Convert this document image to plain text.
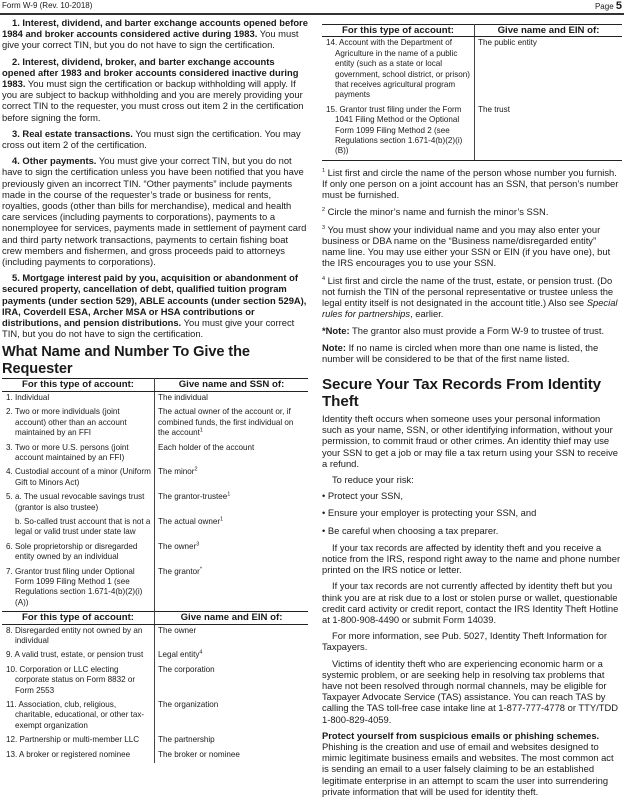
Form W-9 (Rev. 10-2018)	Page 5

1. Interest, dividend, and barter exchange accounts opened before 1984 and broker accounts considered active during 1983. You must give your correct TIN, but you do not have to sign the certification.

2. Interest, dividend, broker, and barter exchange accounts opened after 1983 and broker accounts considered inactive during 1983. You must sign the certification or backup withholding will apply. If you are subject to backup withholding and you are merely providing your correct TIN to the requester, you must cross out item 2 in the certification before signing the form.

3. Real estate transactions. You must sign the certification. You may cross out item 2 of the certification.

4. Other payments. You must give your correct TIN, but you do not have to sign the certification unless you have been notified that you have previously given an incorrect TIN. “Other payments” include payments made in the course of the requester’s trade or business for rents, royalties, goods (other than bills for merchandise), medical and health care services (including payments to corporations), payments to a nonemployee for services, payments made in settlement of payment card and third party network transactions, payments to certain fishing boat crew members and fishermen, and gross proceeds paid to attorneys (including payments to corporations).

5. Mortgage interest paid by you, acquisition or abandonment of secured property, cancellation of debt, qualified tuition program payments (under section 529), ABLE accounts (under section 529A), IRA, Coverdell ESA, Archer MSA or HSA contributions or distributions, and pension distributions. You must give your correct TIN, but you do not have to sign the certification.

What Name and Number To Give the Requester
For this type of account:	Give name and SSN of:

1. Individual	The individual

2. Two or more individuals (joint account) other than an account maintained by an FFI	The actual owner of the account or, if combined funds, the first individual on the account$^1$

3. Two or more U.S. persons (joint account maintained by an FFI)	Each holder of the account

4. Custodial account of a minor (Uniform Gift to Minors Act)	The minor$^2$

5. a. The usual revocable savings trust (grantor is also trustee)	The grantor-trustee$^1$

b. So-called trust account that is not a legal or valid trust under state law	The actual owner$^1$

6. Sole proprietorship or disregarded entity owned by an individual	The owner$^3$

7. Grantor trust filing under Optional Form 1099 Filing Method 1 (see Regulations section 1.671-4(b)(2)(i)(A))	The grantor*
For this type of account:	Give name and EIN of:

8. Disregarded entity not owned by an individual	The owner

9. A valid trust, estate, or pension trust	Legal entity$^4$

10. Corporation or LLC electing corporate status on Form 8832 or Form 2553	The corporation

11. Association, club, religious, charitable, educational, or other tax-exempt organization	The organization

12. Partnership or multi-member LLC	The partnership

13. A broker or registered nominee	The broker or nominee
For this type of account:	Give name and EIN of:

14. Account with the Department of Agriculture in the name of a public entity (such as a state or local government, school district, or prison) that receives agricultural program payments	The public entity

15. Grantor trust filing under the Form 1041 Filing Method or the Optional Form 1099 Filing Method 2 (see Regulations section 1.671-4(b)(2)(i)(B))	The trust

$^1$ List first and circle the name of the person whose number you furnish. If only one person on a joint account has an SSN, that person’s number must be furnished.

$^2$ Circle the minor’s name and furnish the minor’s SSN.

$^3$ You must show your individual name and you may also enter your business or DBA name on the “Business name/disregarded entity” name line. You may use either your SSN or EIN (if you have one), but the IRS encourages you to use your SSN.

$^4$ List first and circle the name of the trust, estate, or pension trust. (Do not furnish the TIN of the personal representative or trustee unless the legal entity itself is not designated in the account title.) Also see Special rules for partnerships, earlier.

*Note: The grantor also must provide a Form W-9 to trustee of trust.

Note: If no name is circled when more than one name is listed, the number will be considered to be that of the first name listed.

Secure Your Tax Records From Identity Theft

Identity theft occurs when someone uses your personal information such as your name, SSN, or other identifying information, without your permission, to commit fraud or other crimes. An identity thief may use your SSN to get a job or may file a tax return using your SSN to receive a refund.

To reduce your risk:

• Protect your SSN,
• Ensure your employer is protecting your SSN, and
• Be careful when choosing a tax preparer.

If your tax records are affected by identity theft and you receive a notice from the IRS, respond right away to the name and phone number printed on the IRS notice or letter.

If your tax records are not currently affected by identity theft but you think you are at risk due to a lost or stolen purse or wallet, questionable credit card activity or credit report, contact the IRS Identity Theft Hotline at 1-800-908-4490 or submit Form 14039.

For more information, see Pub. 5027, Identity Theft Information for Taxpayers.

Victims of identity theft who are experiencing economic harm or a systemic problem, or are seeking help in resolving tax problems that have not been resolved through normal channels, may be eligible for Taxpayer Advocate Service (TAS) assistance. You can reach TAS by calling the TAS toll-free case intake line at 1-877-777-4778 or TTY/TDD 1-800-829-4059.

Protect yourself from suspicious emails or phishing schemes. Phishing is the creation and use of email and websites designed to mimic legitimate business emails and websites. The most common act is sending an email to a user falsely claiming to be an established legitimate enterprise in an attempt to scam the user into surrendering private information that will be used for identity theft.
